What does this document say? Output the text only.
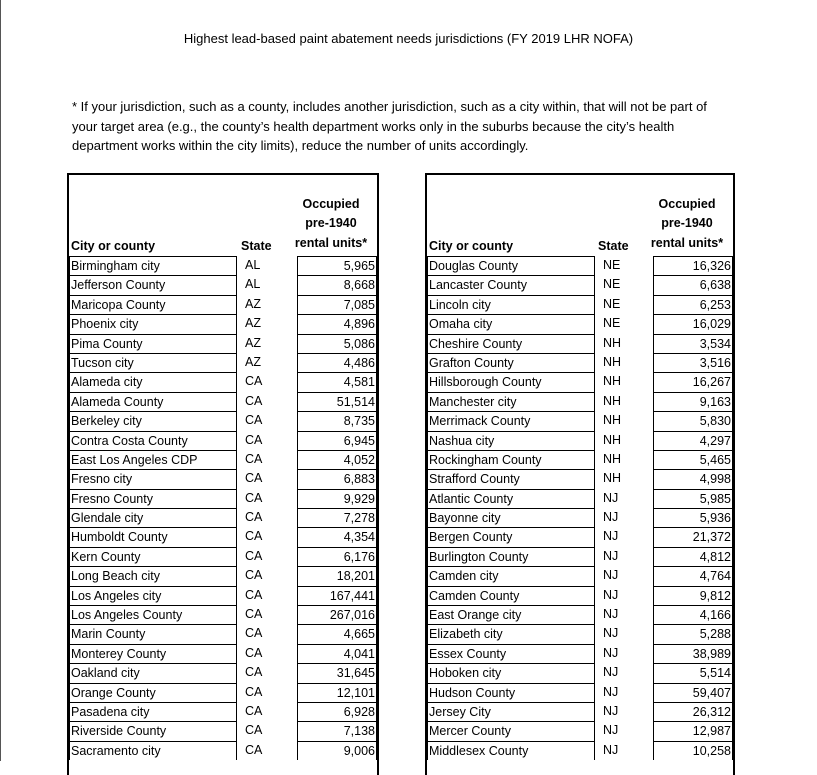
Highest lead-based paint abatement needs jurisdictions (FY 2019 LHR NOFA)
* If your jurisdiction, such as a county, includes another jurisdiction, such as a city within, that will not be part of your target area (e.g., the county’s health department works only in the suburbs because the city’s health department works within the city limits), reduce the number of units accordingly.
Occupied
pre-1940
rental units*
City or county	State
Birmingham city	AL	5,965
Jefferson County	AL	8,668
Maricopa County	AZ	7,085
Phoenix city	AZ	4,896
Pima County	AZ	5,086
Tucson city	AZ	4,486
Alameda city	CA	4,581
Alameda County	CA	51,514
Berkeley city	CA	8,735
Contra Costa County	CA	6,945
East Los Angeles CDP	CA	4,052
Fresno city	CA	6,883
Fresno County	CA	9,929
Glendale city	CA	7,278
Humboldt County	CA	4,354
Kern County	CA	6,176
Long Beach city	CA	18,201
Los Angeles city	CA	167,441
Los Angeles County	CA	267,016
Marin County	CA	4,665
Monterey County	CA	4,041
Oakland city	CA	31,645
Orange County	CA	12,101
Pasadena city	CA	6,928
Riverside County	CA	7,138
Sacramento city	CA	9,006
Occupied
pre-1940
rental units*
City or county	State
Douglas County	NE	16,326
Lancaster County	NE	6,638
Lincoln city	NE	6,253
Omaha city	NE	16,029
Cheshire County	NH	3,534
Grafton County	NH	3,516
Hillsborough County	NH	16,267
Manchester city	NH	9,163
Merrimack County	NH	5,830
Nashua city	NH	4,297
Rockingham County	NH	5,465
Strafford County	NH	4,998
Atlantic County	NJ	5,985
Bayonne city	NJ	5,936
Bergen County	NJ	21,372
Burlington County	NJ	4,812
Camden city	NJ	4,764
Camden County	NJ	9,812
East Orange city	NJ	4,166
Elizabeth city	NJ	5,288
Essex County	NJ	38,989
Hoboken city	NJ	5,514
Hudson County	NJ	59,407
Jersey City	NJ	26,312
Mercer County	NJ	12,987
Middlesex County	NJ	10,258
